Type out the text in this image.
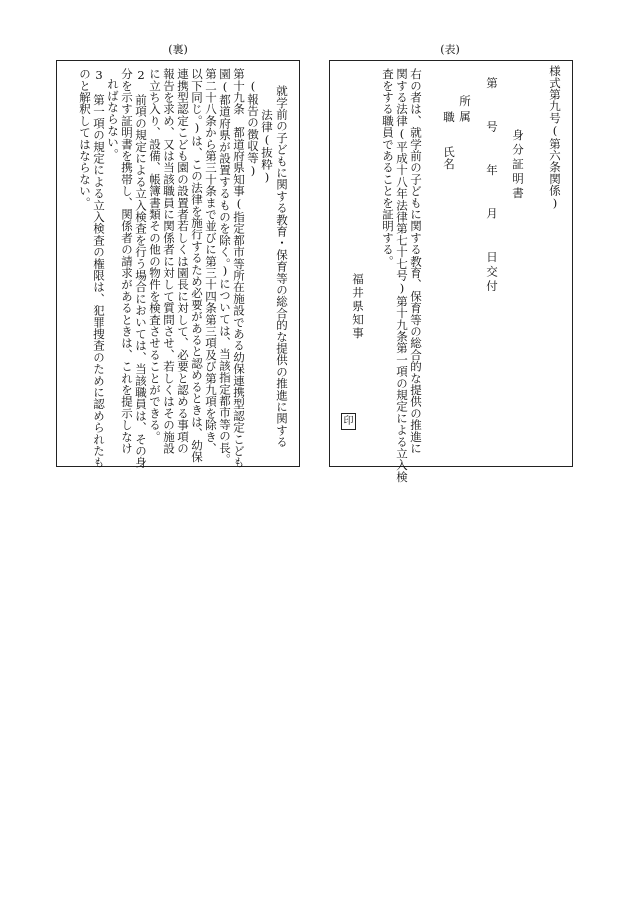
(裏)
就学前の子どもに関する教育・保育等の総合的な提供の推進に関する
法律(抜粋)
(報告の徴収等)
第十九条　都道府県知事(指定都市等所在施設である幼保連携型認定こども
園(都道府県が設置するものを除く。)については、当該指定都市等の長。
第二十八条から第三十条まで並びに第三十四条第三項及び第九項を除き、
以下同じ。)は、この法律を施行するため必要があると認めるときは、幼保
連携型認定こども園の設置者若しくは園長に対して、必要と認める事項の
報告を求め、又は当該職員に関係者に対して質問させ、若しくはその施設
に立ち入り、設備、帳簿書類その他の物件を検査させることができる。
2　前項の規定による立入検査を行う場合においては、当該職員は、その身
分を示す証明書を携帯し、関係者の請求があるときは、これを提示しなけ
ればならない。
3　第一項の規定による立入検査の権限は、犯罪捜査のために認められたも
のと解釈してはならない。
(表)
様式第九号(第六条関係)
身分証明書
第　　号　　年　　月　　日交付
所属
職　　氏名
右の者は、就学前の子どもに関する教育、保育等の総合的な提供の推進に
関する法律(平成十八年法律第七十七号)第十九条第一項の規定による立入検
査をする職員であることを証明する。
福井県知事
印
